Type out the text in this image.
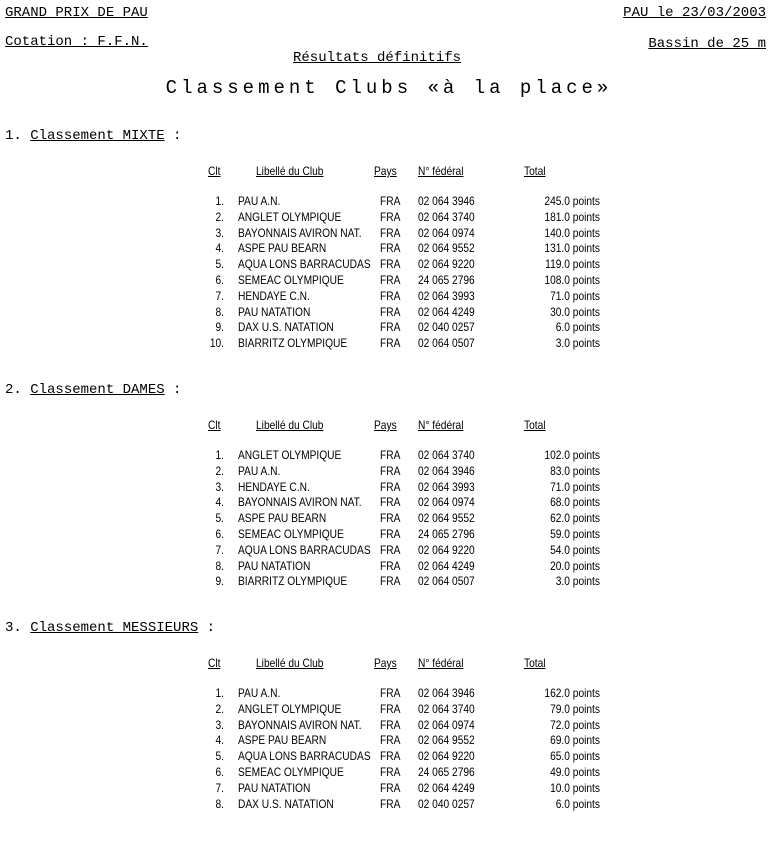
GRAND PRIX DE PAU
Cotation : F.F.N.
PAU le 23/03/2003
Bassin de 25 m
Résultats définitifs
Classement Clubs «à la place»
1. Classement MIXTE :
Clt	Libellé du Club	Pays N° fédéral	Total
1. PAU A.N.	FRA 02 064 3946	245.0 points
2. ANGLET OLYMPIQUE	FRA 02 064 3740	181.0 points
3. BAYONNAIS AVIRON NAT. FRA 02 064 0974	140.0 points
4. ASPE PAU BEARN	FRA 02 064 9552	131.0 points
5. AQUA LONS BARRACUDAS FRA 02 064 9220	119.0 points
6. SEMEAC OLYMPIQUE	FRA 24 065 2796	108.0 points
7. HENDAYE C.N.	FRA 02 064 3993	71.0 points
8. PAU NATATION	FRA 02 064 4249	30.0 points
9. DAX U.S. NATATION	FRA 02 040 0257	6.0 points
10. BIARRITZ OLYMPIQUE	FRA 02 064 0507	3.0 points
2. Classement DAMES :
Clt	Libellé du Club	Pays N° fédéral	Total
1. ANGLET OLYMPIQUE	FRA 02 064 3740	102.0 points
2. PAU A.N.	FRA 02 064 3946	83.0 points
3. HENDAYE C.N.	FRA 02 064 3993	71.0 points
4. BAYONNAIS AVIRON NAT. FRA 02 064 0974	68.0 points
5. ASPE PAU BEARN	FRA 02 064 9552	62.0 points
6. SEMEAC OLYMPIQUE	FRA 24 065 2796	59.0 points
7. AQUA LONS BARRACUDAS FRA 02 064 9220	54.0 points
8. PAU NATATION	FRA 02 064 4249	20.0 points
9. BIARRITZ OLYMPIQUE	FRA 02 064 0507	3.0 points
3. Classement MESSIEURS :
Clt	Libellé du Club	Pays N° fédéral	Total
1. PAU A.N.	FRA 02 064 3946	162.0 points
2. ANGLET OLYMPIQUE	FRA 02 064 3740	79.0 points
3. BAYONNAIS AVIRON NAT. FRA 02 064 0974	72.0 points
4. ASPE PAU BEARN	FRA 02 064 9552	69.0 points
5. AQUA LONS BARRACUDAS FRA 02 064 9220	65.0 points
6. SEMEAC OLYMPIQUE	FRA 24 065 2796	49.0 points
7. PAU NATATION	FRA 02 064 4249	10.0 points
8. DAX U.S. NATATION	FRA 02 040 0257	6.0 points
